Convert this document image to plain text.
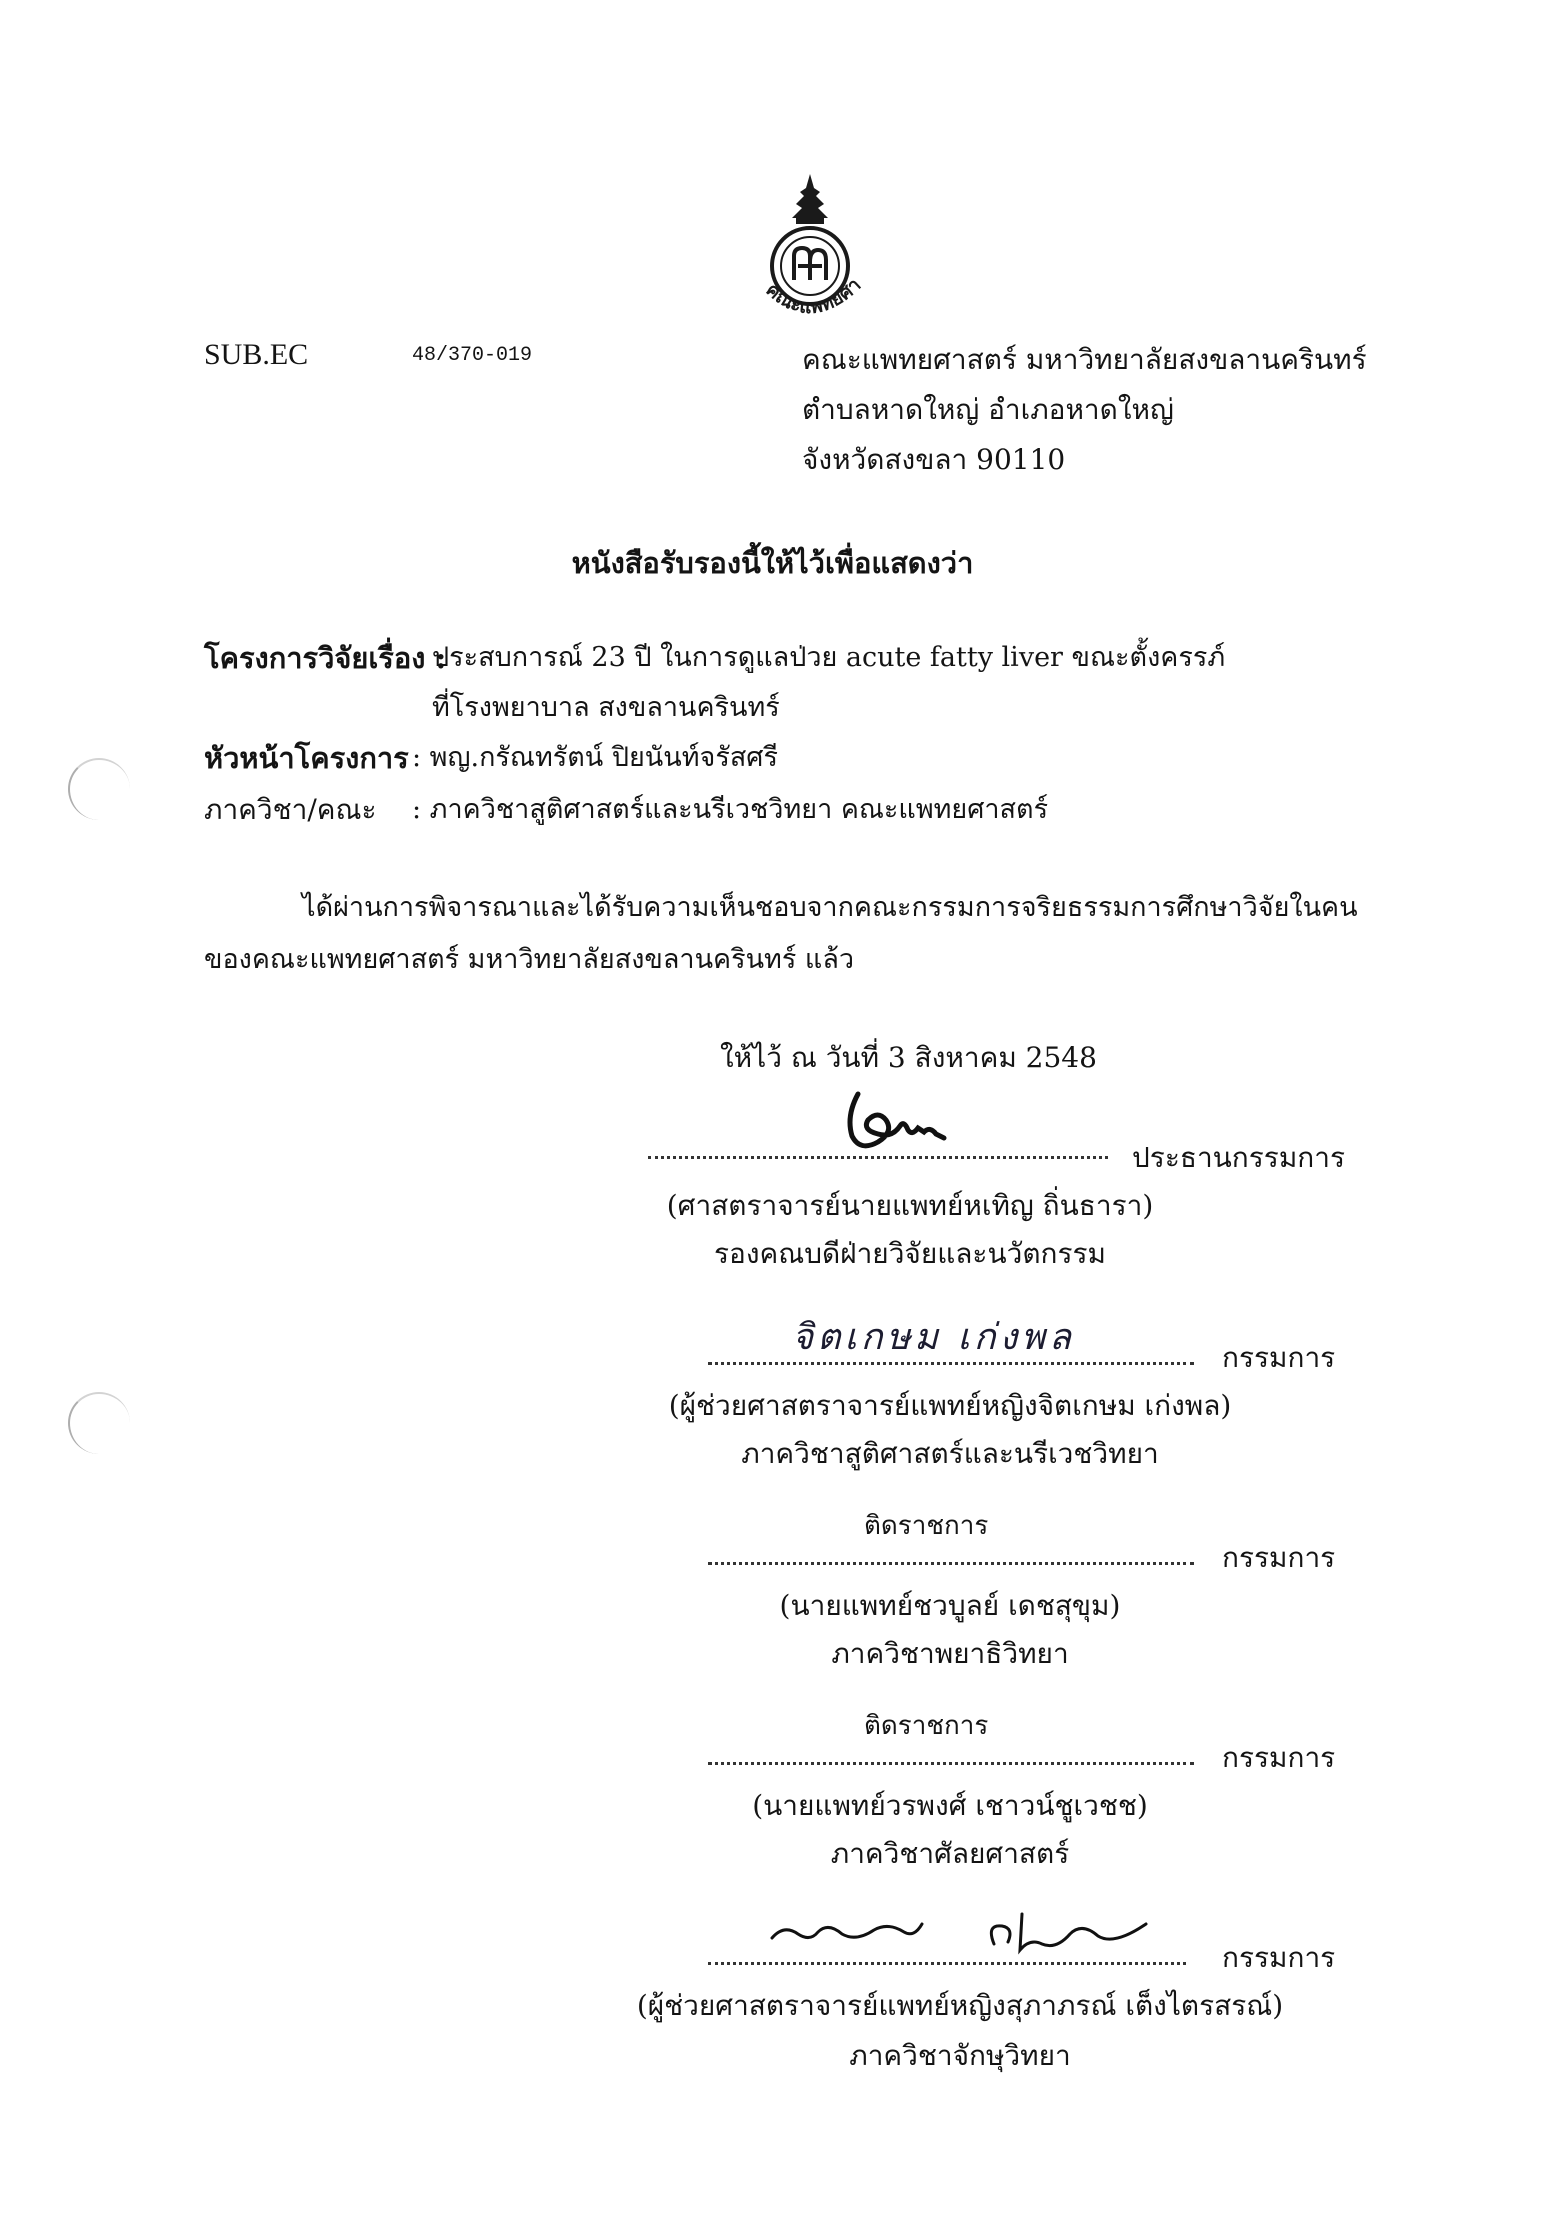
คณะแพทยศา
SUB.EC	48/370-019	คณะแพทยศาสตร์ มหาวิทยาลัยสงขลานครินทร์
ตำบลหาดใหญ่ อำเภอหาดใหญ่
จังหวัดสงขลา 90110
หนังสือรับรองนี้ให้ไว้เพื่อแสดงว่า
โครงการวิจัยเรื่อง :
ประสบการณ์ 23 ปี ในการดูแลป่วย acute fatty liver ขณะตั้งครรภ์
ที่โรงพยาบาล สงขลานครินทร์
หัวหน้าโครงการ : พญ.กรัณทรัตน์ ปิยนันท์จรัสศรี
ภาควิชา/คณะ : ภาควิชาสูติศาสตร์และนรีเวชวิทยา คณะแพทยศาสตร์
ได้ผ่านการพิจารณาและได้รับความเห็นชอบจากคณะกรรมการจริยธรรมการศึกษาวิจัยในคน
ของคณะแพทยศาสตร์ มหาวิทยาลัยสงขลานครินทร์ แล้ว
ให้ไว้ ณ วันที่ 3 สิงหาคม 2548
ประธานกรรมการ
(ศาสตราจารย์นายแพทย์หเทิญ ถิ่นธารา)
รองคณบดีฝ่ายวิจัยและนวัตกรรม
จิตเกษม เก่งพล	กรรมการ
(ผู้ช่วยศาสตราจารย์แพทย์หญิงจิตเกษม เก่งพล)
ภาควิชาสูติศาสตร์และนรีเวชวิทยา
ติดราชการ
กรรมการ
(นายแพทย์ชวบูลย์ เดชสุขุม)
ภาควิชาพยาธิวิทยา
ติดราชการ
กรรมการ
(นายแพทย์วรพงศ์ เชาวน์ชูเวชช)
ภาควิชาศัลยศาสตร์
กรรมการ
(ผู้ช่วยศาสตราจารย์แพทย์หญิงสุภาภรณ์ เต็งไตรสรณ์)
ภาควิชาจักษุวิทยา
